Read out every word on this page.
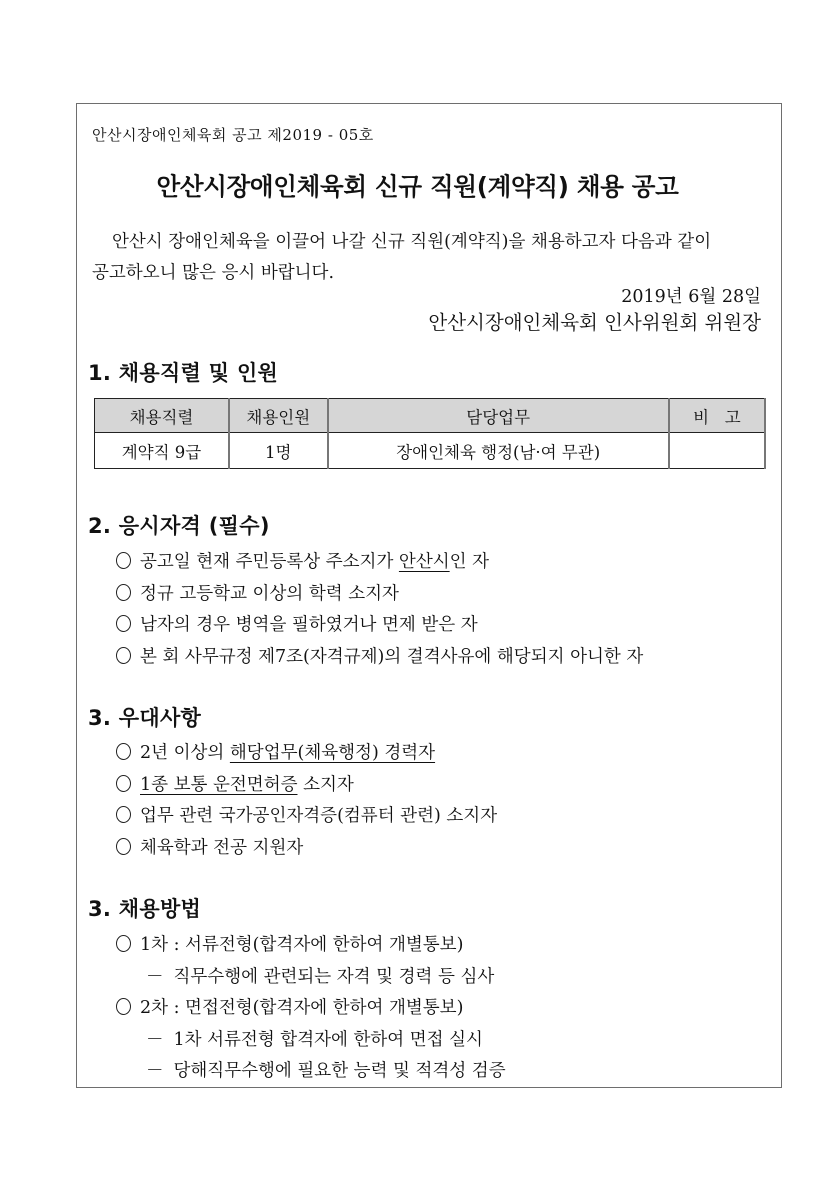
안산시장애인체육회 공고 제2019 - 05호
안산시장애인체육회 신규 직원(계약직) 채용 공고

안산시 장애인체육을 이끌어 나갈 신규 직원(계약직)을 채용하고자 다음과 같이

공고하오니 많은 응시 바랍니다.

2019년 6월 28일
안산시장애인체육회 인사위원회 위원장
1. 채용직렬 및 인원
채용직렬	채용인원	담당업무	비   고
계약직 9급	1명	장애인체육 행정(남·여 무관)	
2. 응시자격 (필수)
공고일 현재 주민등록상 주소지가 안산시 인 자
정규 고등학교 이상의 학력 소지자
남자의 경우 병역을 필하였거나 면제 받은 자
본 회 사무규정 제7조(자격규제)의 결격사유에 해당되지 아니한 자
3. 우대사항
2년 이상의 해당업무(체육행정) 경력자
1종 보통 운전면허증 소지자
업무 관련 국가공인자격증(컴퓨터 관련) 소지자
체육학과 전공 지원자
3. 채용방법
1차 : 서류전형(합격자에 한하여 개별통보)
－ 직무수행에 관련되는 자격 및 경력 등 심사
2차 : 면접전형(합격자에 한하여 개별통보)
－ 1차 서류전형 합격자에 한하여 면접 실시
－ 당해직무수행에 필요한 능력 및 적격성 검증
